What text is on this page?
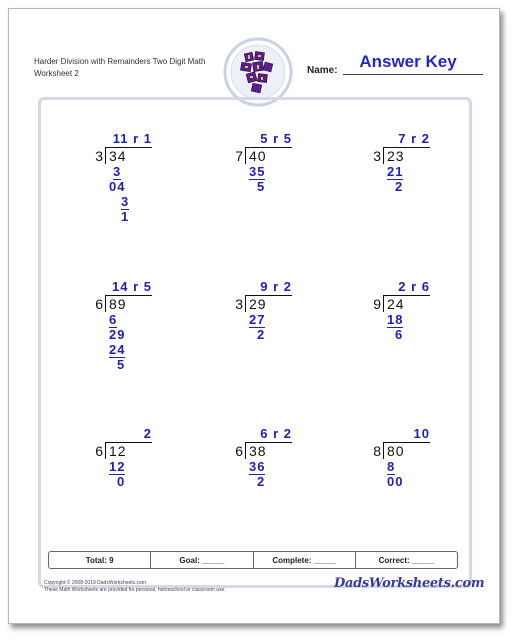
Harder Division with Remainders Two Digit Math Worksheet 2
Answer Key
Name:
11 r 1
3 34
3
04
3
1
5 r 5
7 40
35
5
7 r 2
3 23
21
2
14 r 5
6 89
6
29
24
5
9 r 2
3 29
27
2
2 r 6
9 24
18
6
2
6 12
12
0
6 r 2
6 38
36
2
10
8 80
8
00
Total: 9	Goal: _____	Complete: _____	Correct: _____
Copyright © 2008-2019 DadsWorksheets.com
These Math Worksheets are provided for personal, homeschool or classroom use.	DadsWorksheets.com
